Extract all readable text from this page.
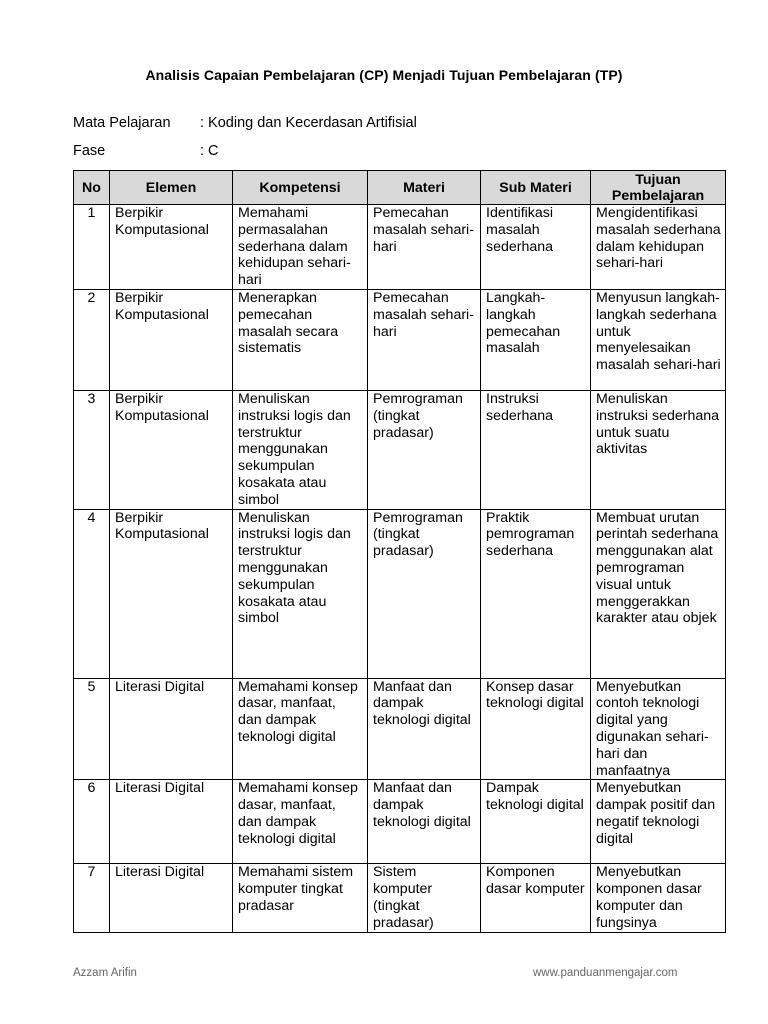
Analisis Capaian Pembelajaran (CP) Menjadi Tujuan Pembelajaran (TP)
Mata Pelajaran : Koding dan Kecerdasan Artifisial
Fase	: C
No	Elemen	Kompetensi	Materi	Sub Materi	Tujuan Pembelajaran
1	Berpikir Komputasional	Memahami permasalahan sederhana dalam kehidupan sehari-hari	Pemecahan masalah sehari-hari	Identifikasi masalah sederhana	Mengidentifikasi masalah sederhana dalam kehidupan sehari-hari
2	Berpikir Komputasional	Menerapkan pemecahan masalah secara sistematis	Pemecahan masalah sehari-hari	Langkah-langkah pemecahan masalah	Menyusun langkah-langkah sederhana untuk menyelesaikan masalah sehari-hari
3	Berpikir Komputasional	Menuliskan instruksi logis dan terstruktur menggunakan sekumpulan kosakata atau simbol	Pemrograman (tingkat pradasar)	Instruksi sederhana	Menuliskan instruksi sederhana untuk suatu aktivitas
4	Berpikir Komputasional	Menuliskan instruksi logis dan terstruktur menggunakan sekumpulan kosakata atau simbol	Pemrograman (tingkat pradasar)	Praktik pemrograman sederhana	Membuat urutan perintah sederhana menggunakan alat pemrograman visual untuk menggerakkan karakter atau objek
5	Literasi Digital	Memahami konsep dasar, manfaat, dan dampak teknologi digital	Manfaat dan dampak teknologi digital	Konsep dasar teknologi digital	Menyebutkan contoh teknologi digital yang digunakan sehari-hari dan manfaatnya
6	Literasi Digital	Memahami konsep dasar, manfaat, dan dampak teknologi digital	Manfaat dan dampak teknologi digital	Dampak teknologi digital	Menyebutkan dampak positif dan negatif teknologi digital
7	Literasi Digital	Memahami sistem komputer tingkat pradasar	Sistem komputer (tingkat pradasar)	Komponen dasar komputer	Menyebutkan komponen dasar komputer dan fungsinya
Azzam Arifin	www.panduanmengajar.com
